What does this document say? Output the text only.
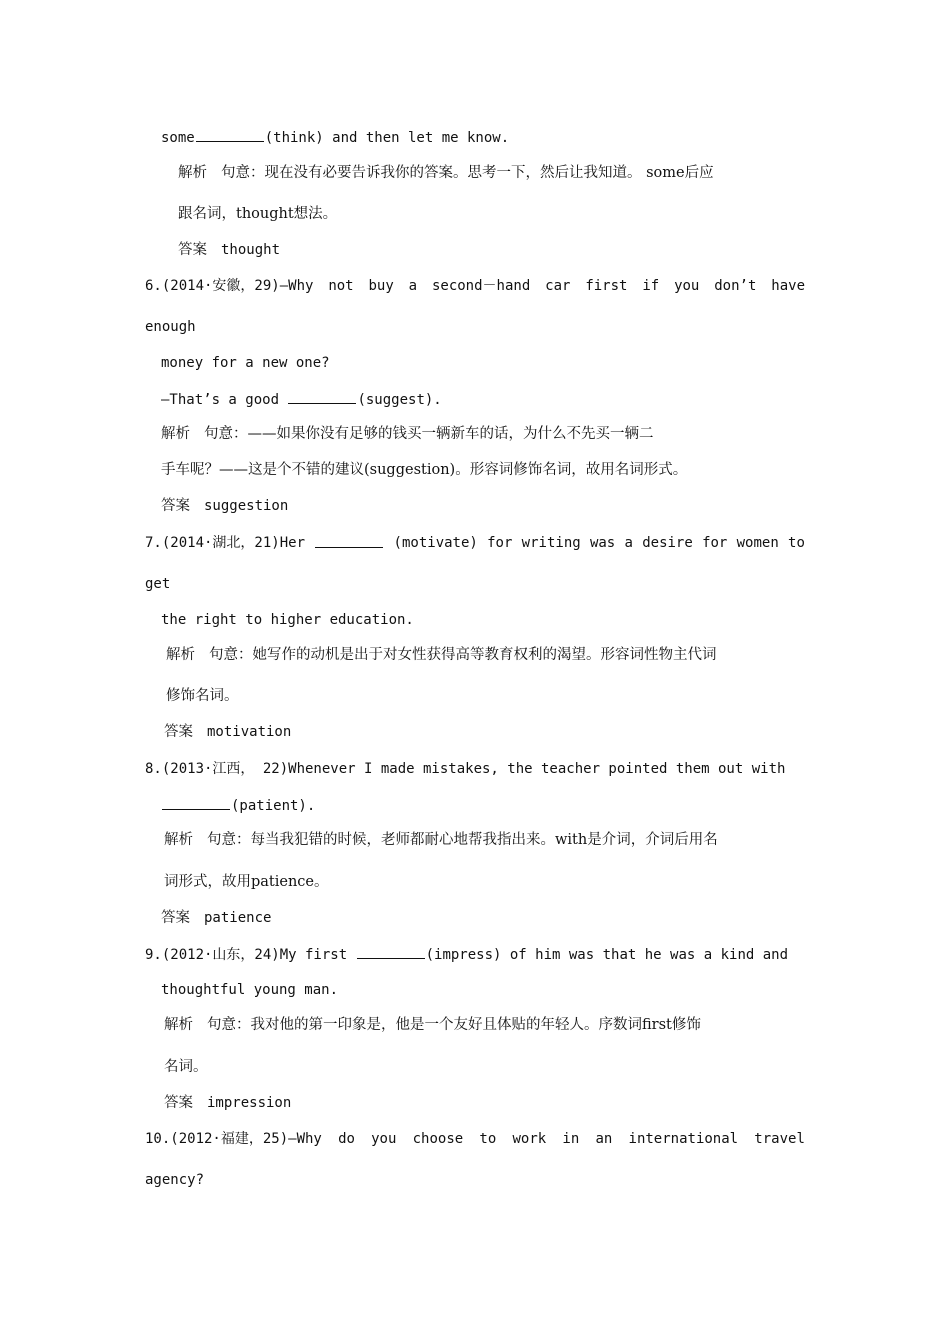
some	(think) and then let me know.
解析 句意：现在没有必要告诉我你的答案。思考一下，然后让我知道。 some后应
跟名词，thought想法。
答案 thought
6.(2014·安徽，29)—Why not buy a second－hand car first if you don’t have
enough
money for a new one?
—That’s a good	(suggest).
解析 句意：——如果你没有足够的钱买一辆新车的话，为什么不先买一辆二
手车呢？——这是个不错的建议(suggestion)。形容词修饰名词，故用名词形式。
答案 suggestion
7.(2014·湖北，21)Her	(motivate) for writing was a desire for women to
get
the right to higher education.
解析 句意：她写作的动机是出于对女性获得高等教育权利的渴望。形容词性物主代词
修饰名词。
答案 motivation
8.(2013·江西， 22)Whenever I made mistakes, the teacher pointed them out with
(patient).
解析 句意：每当我犯错的时候，老师都耐心地帮我指出来。with是介词，介词后用名
词形式，故用patience。
答案 patience
9.(2012·山东，24)My first	(impress) of him was that he was a kind and
thoughtful young man.
解析 句意：我对他的第一印象是，他是一个友好且体贴的年轻人。序数词first修饰
名词。
答案 impression
10.(2012·福建，25)—Why do you choose to work in an international travel
agency?
